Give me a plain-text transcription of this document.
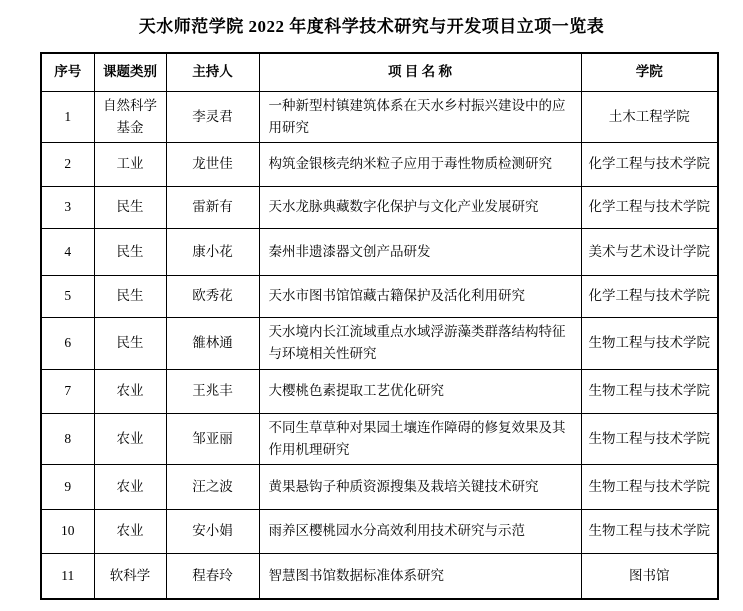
天水师范学院 2022 年度科学技术研究与开发项目立项一览表
序号	课题类别	主持人	项 目 名 称	学院
1	自然科学基金	李灵君	一种新型村镇建筑体系在天水乡村振兴建设中的应用研究	土木工程学院
2	工业	龙世佳	构筑金银核壳纳米粒子应用于毒性物质检测研究	化学工程与技术学院
3	民生	雷新有	天水龙脉典藏数字化保护与文化产业发展研究	化学工程与技术学院
4	民生	康小花	秦州非遗漆器文创产品研发	美术与艺术设计学院
5	民生	欧秀花	天水市图书馆馆藏古籍保护及活化利用研究	化学工程与技术学院
6	民生	雒林通	天水境内长江流域重点水域浮游藻类群落结构特征与环境相关性研究	生物工程与技术学院
7	农业	王兆丰	大樱桃色素提取工艺优化研究	生物工程与技术学院
8	农业	邹亚丽	不同生草草种对果园土壤连作障碍的修复效果及其作用机理研究	生物工程与技术学院
9	农业	汪之波	黄果悬钩子种质资源搜集及栽培关键技术研究	生物工程与技术学院
10	农业	安小娟	雨养区樱桃园水分高效利用技术研究与示范	生物工程与技术学院
11	软科学	程春玲	智慧图书馆数据标准体系研究	图书馆
